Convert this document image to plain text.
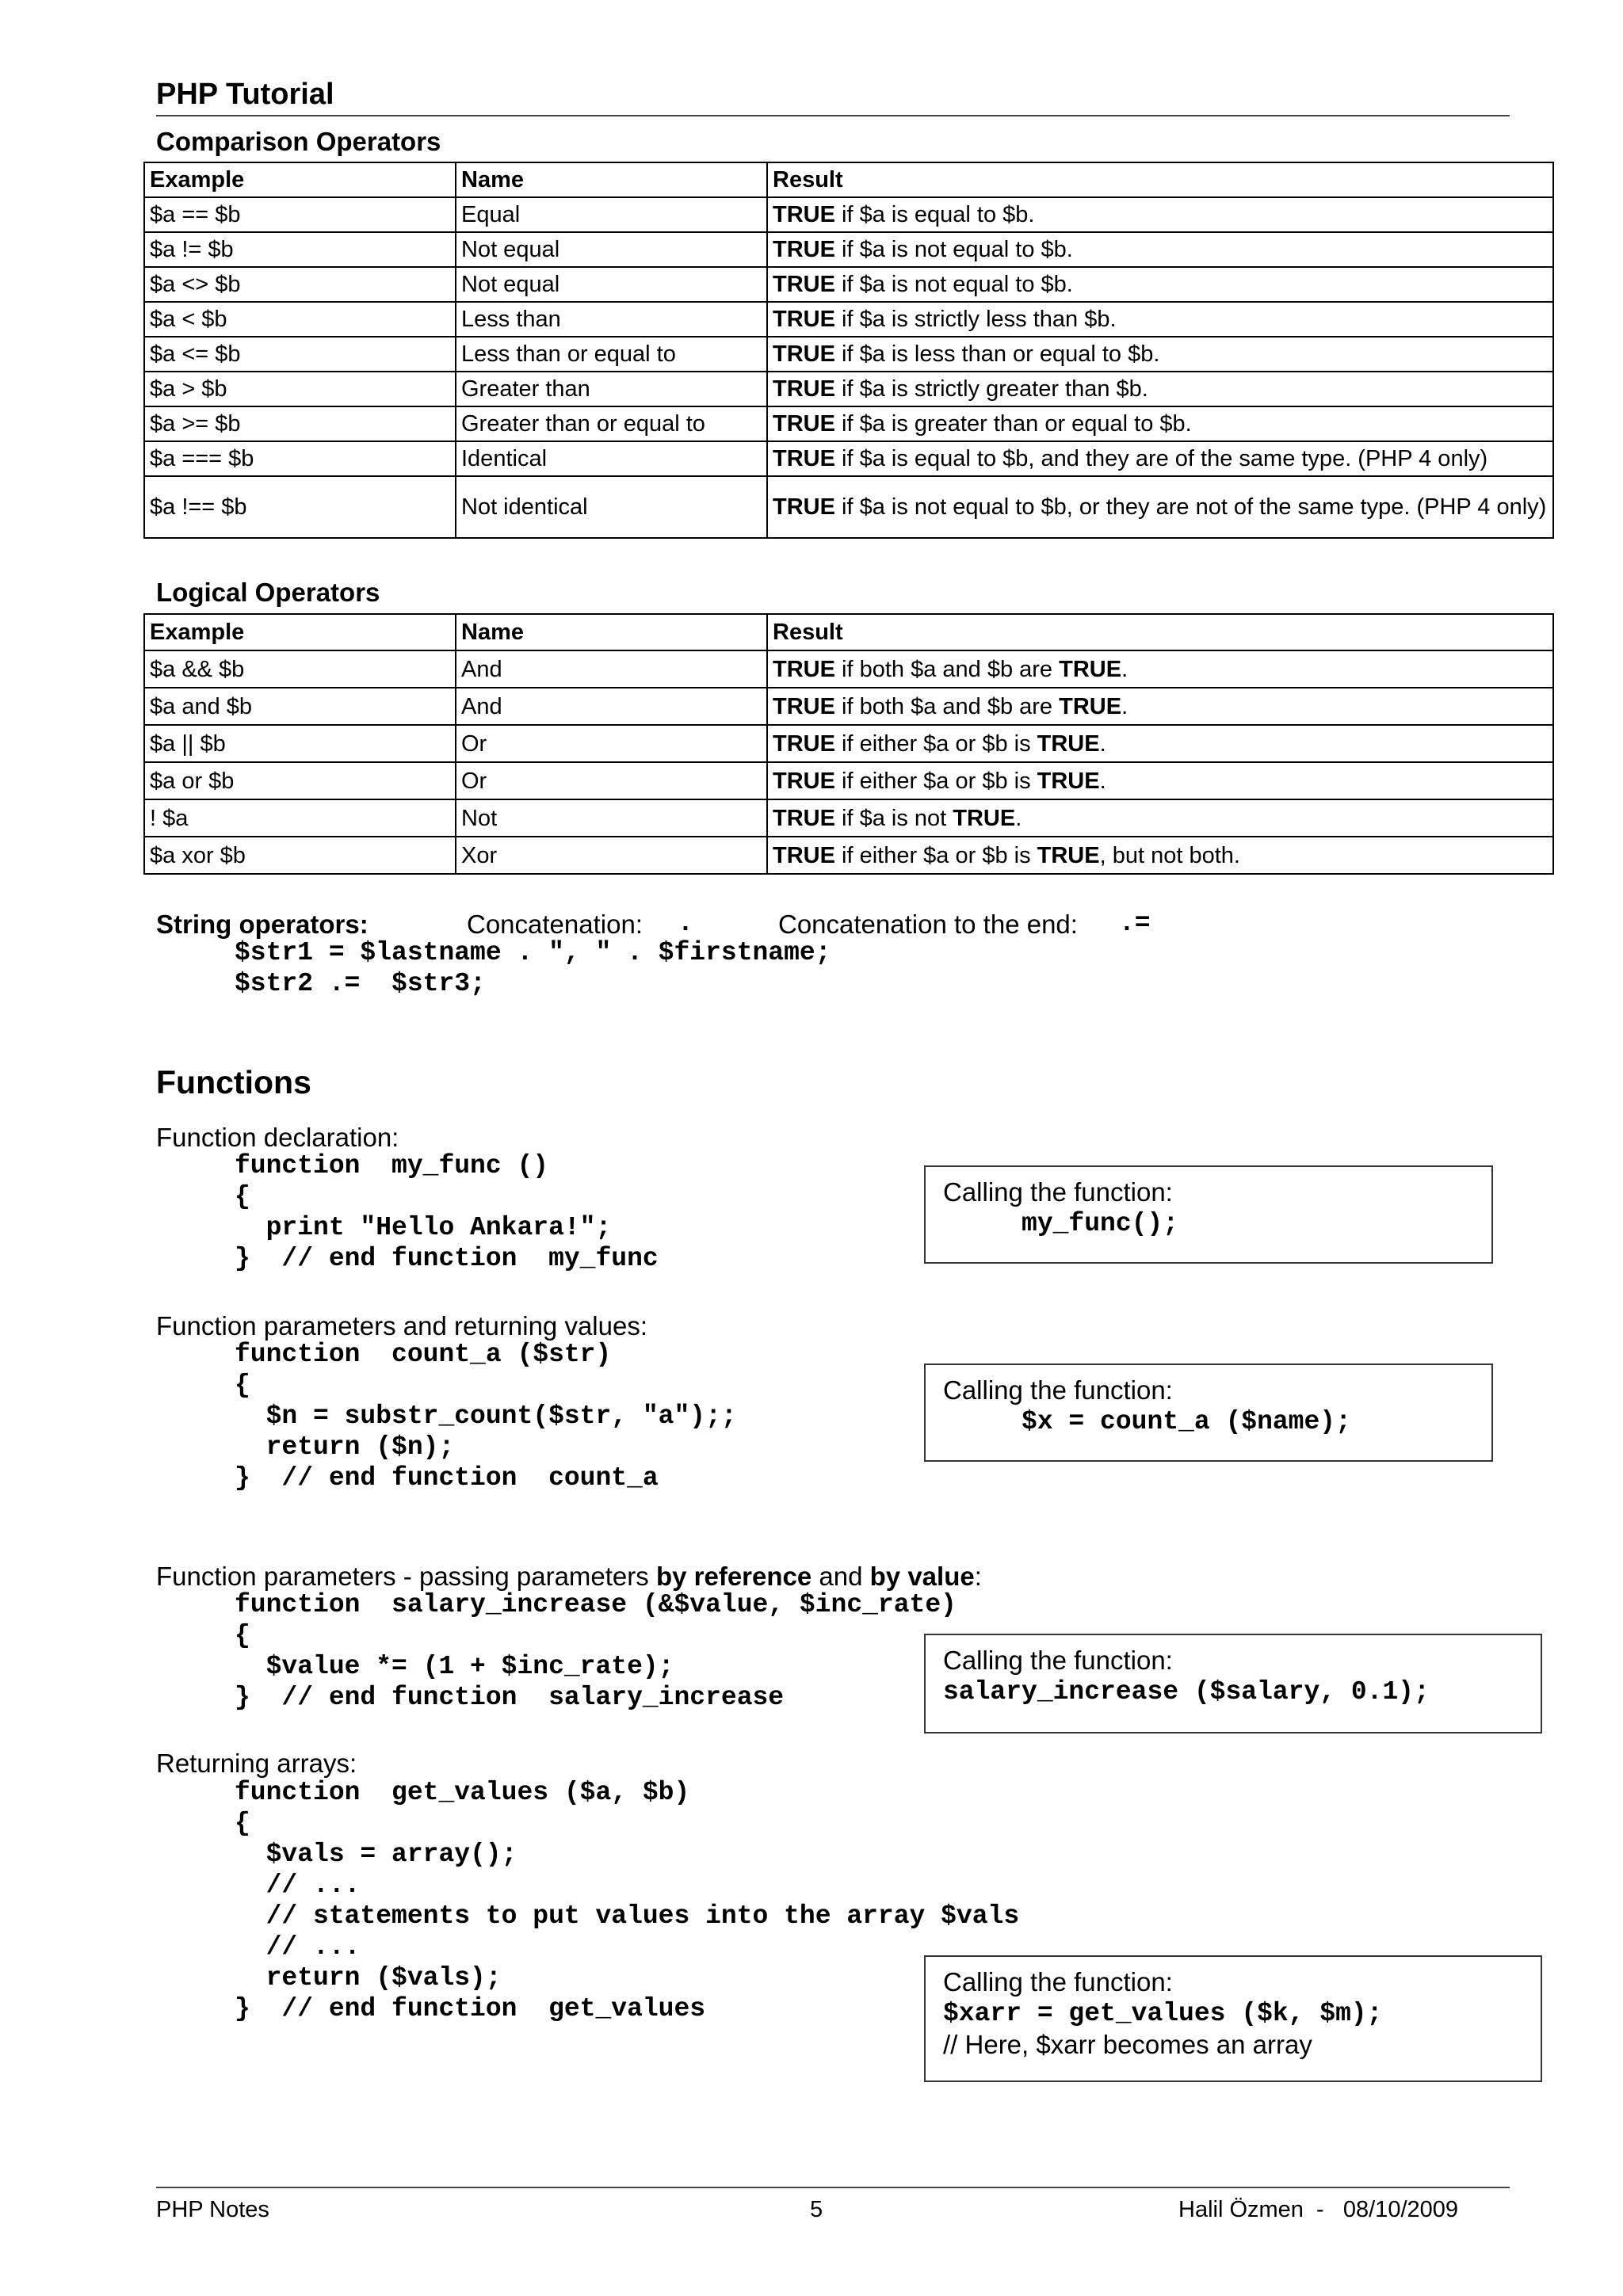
PHP Tutorial
Comparison Operators
Example	Name	Result
$a == $b	Equal	TRUE if $a is equal to $b.
$a != $b	Not equal	TRUE if $a is not equal to $b.
$a <> $b	Not equal	TRUE if $a is not equal to $b.
$a < $b	Less than	TRUE if $a is strictly less than $b.
$a <= $b	Less than or equal to	TRUE if $a is less than or equal to $b.
$a > $b	Greater than	TRUE if $a is strictly greater than $b.
$a >= $b	Greater than or equal to	TRUE if $a is greater than or equal to $b.
$a === $b	Identical	TRUE if $a is equal to $b, and they are of the same type. (PHP 4 only)
$a !== $b	Not identical	TRUE if $a is not equal to $b, or they are not of the same type. (PHP 4 only)
Logical Operators
Example	Name	Result
$a && $b	And	TRUE if both $a and $b are TRUE.
$a and $b	And	TRUE if both $a and $b are TRUE.
$a || $b	Or	TRUE if either $a or $b is TRUE.
$a or $b	Or	TRUE if either $a or $b is TRUE.
! $a	Not	TRUE if $a is not TRUE.
$a xor $b	Xor	TRUE if either $a or $b is TRUE, but not both.
String operators:	Concatenation: .	Concatenation to the end: .=
$str1 = $lastname . ", " . $firstname;
$str2 .=  $str3;
Functions
Function declaration:
function  my_func ()
{
print "Hello Ankara!";
}  // end function  my_func
Calling the function:
my_func();
Function parameters and returning values:
function  count_a ($str)
{
$n = substr_count($str, "a");;
return ($n);
}  // end function  count_a
Calling the function:
$x = count_a ($name);
Function parameters - passing parameters by reference and by value:
function  salary_increase (&$value, $inc_rate)
{
$value *= (1 + $inc_rate);
}  // end function  salary_increase
Calling the function:
salary_increase ($salary, 0.1);
Returning arrays:
function  get_values ($a, $b)
{
$vals = array();
// ...
// statements to put values into the array $vals
// ...
return ($vals);
}  // end function  get_values
Calling the function:
$xarr = get_values ($k, $m);
// Here, $xarr becomes an array
PHP Notes	5	Halil Özmen  -   08/10/2009
